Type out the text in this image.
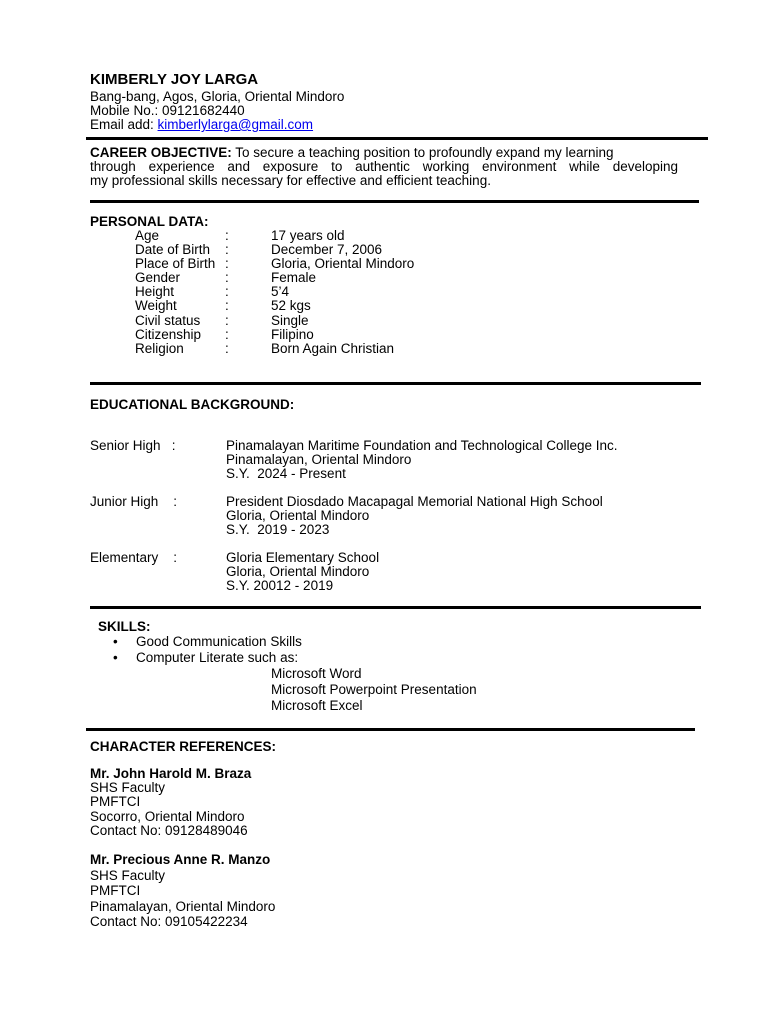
KIMBERLY JOY LARGA
Bang-bang, Agos, Gloria, Oriental Mindoro
Mobile No.: 09121682440
Email add: kimberlylarga@gmail.com
CAREER OBJECTIVE: To secure a teaching position to profoundly expand my learning
through experience and exposure to authentic working environment while developing
my professional skills necessary for effective and efficient teaching.
PERSONAL DATA:
Age	:	17 years old
Date of Birth	:	December 7, 2006
Place of Birth :	Gloria, Oriental Mindoro
Gender	:	Female
Height	:	5’4
Weight	:	52 kgs
Civil status	:	Single
Citizenship	:	Filipino
Religion	:	Born Again Christian
EDUCATIONAL BACKGROUND:
Senior High   :	Pinamalayan Maritime Foundation and Technological College Inc.
Pinamalayan, Oriental Mindoro
S.Y.  2024 - Present
Junior High    :	President Diosdado Macapagal Memorial National High School
Gloria, Oriental Mindoro
S.Y.  2019 - 2023
Elementary    :	Gloria Elementary School
Gloria, Oriental Mindoro
S.Y. 20012 - 2019
SKILLS:
• Good Communication Skills
• Computer Literate such as:
Microsoft Word
Microsoft Powerpoint Presentation
Microsoft Excel
CHARACTER REFERENCES:
Mr. John Harold M. Braza
SHS Faculty
PMFTCI
Socorro, Oriental Mindoro
Contact No: 09128489046
Mr. Precious Anne R. Manzo
SHS Faculty
PMFTCI
Pinamalayan, Oriental Mindoro
Contact No: 09105422234
